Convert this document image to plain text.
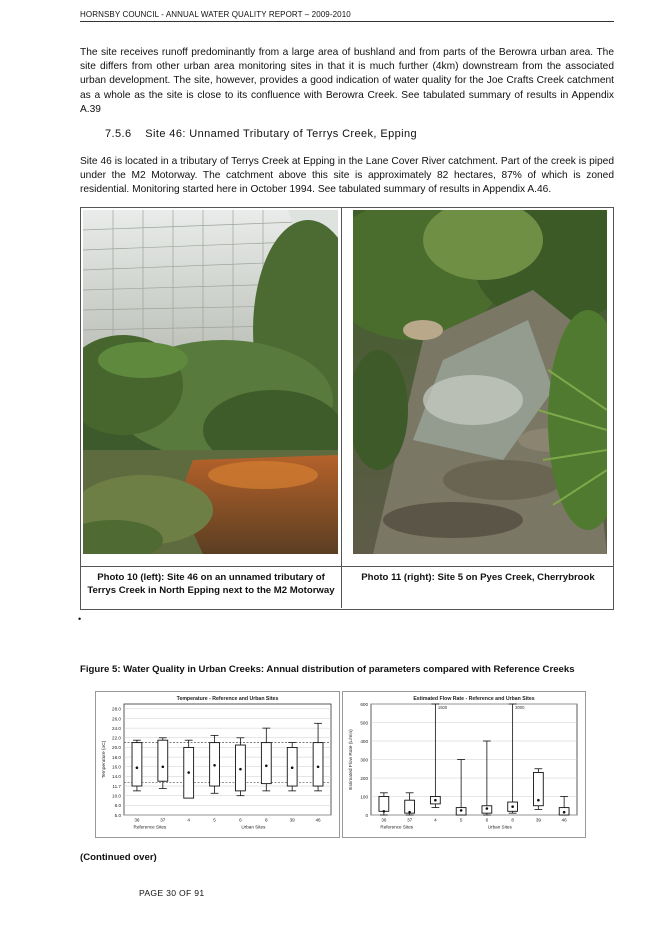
HORNSBY COUNCIL - ANNUAL WATER QUALITY REPORT – 2009-2010
The site receives runoff predominantly from a large area of bushland and from parts of the Berowra urban area. The site differs from other urban area monitoring sites in that it is much further (4km) downstream from the associated urban development. The site, however, provides a good indication of water quality for the Joe Crafts Creek catchment as a whole as the site is close to its confluence with Berowra Creek. See tabulated summary of results in Appendix A.39
7.5.6 Site 46: Unnamed Tributary of Terrys Creek, Epping
Site 46 is located in a tributary of Terrys Creek at Epping in the Lane Cover River catchment. Part of the creek is piped under the M2 Motorway. The catchment above this site is approximately 82 hectares, 87% of which is zoned residential. Monitoring started here in October 1994. See tabulated summary of results in Appendix A.46.
Photo 10 (left): Site 46 on an unnamed tributary of Terrys Creek in North Epping next to the M2 Motorway
Photo 11 (right): Site 5 on Pyes Creek, Cherrybrook
•
Figure 5: Water Quality in Urban Creeks: Annual distribution of parameters compared with Reference Creeks
Temperature - Reference and Urban Sites
5.0
8.0
10.0
11.7
14.0
16.0
18.0
20.0
22.0
24.0
26.0
28.0
Temperature (oC)
36	37	4	5	6	8	39	46
Reference Sites	Urban Sites
Estimated Flow Rate - Reference and Urban Sites
0
100
200
300
400
500
600
Estimated Flow Rate (L/min)
36	37	4	5	6	8	39	46
1500	3000
Reference Sites	Urban Sites
(Continued over)
PAGE 30 OF 91
